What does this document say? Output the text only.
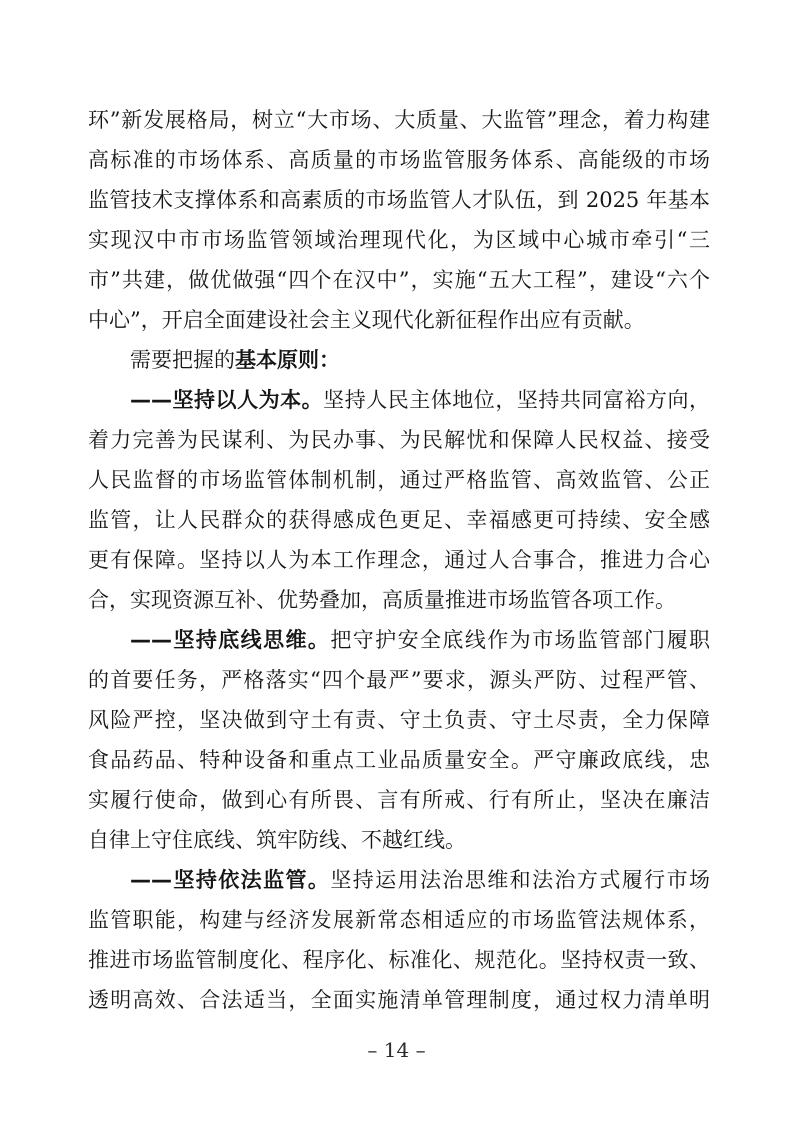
环”新发展格局，树立“大市场、大质量、大监管”理念，着力构建
高标准的市场体系、高质量的市场监管服务体系、高能级的市场
监管技术支撑体系和高素质的市场监管人才队伍，到 2025 年基本
实现汉中市市场监管领域治理现代化，为区域中心城市牵引“三
市”共建，做优做强“四个在汉中”，实施“五大工程”，建设“六个
中心”，开启全面建设社会主义现代化新征程作出应有贡献。
需要把握的基本原则：
——坚持以人为本。坚持人民主体地位，坚持共同富裕方向，
着力完善为民谋利、为民办事、为民解忧和保障人民权益、接受
人民监督的市场监管体制机制，通过严格监管、高效监管、公正
监管，让人民群众的获得感成色更足、幸福感更可持续、安全感
更有保障。坚持以人为本工作理念，通过人合事合，推进力合心
合，实现资源互补、优势叠加，高质量推进市场监管各项工作。
——坚持底线思维。把守护安全底线作为市场监管部门履职
的首要任务，严格落实“四个最严”要求，源头严防、过程严管、
风险严控，坚决做到守土有责、守土负责、守土尽责，全力保障
食品药品、特种设备和重点工业品质量安全。严守廉政底线，忠
实履行使命，做到心有所畏、言有所戒、行有所止，坚决在廉洁
自律上守住底线、筑牢防线、不越红线。
——坚持依法监管。坚持运用法治思维和法治方式履行市场
监管职能，构建与经济发展新常态相适应的市场监管法规体系，
推进市场监管制度化、程序化、标准化、规范化。坚持权责一致、
透明高效、合法适当，全面实施清单管理制度，通过权力清单明
– 14 –
